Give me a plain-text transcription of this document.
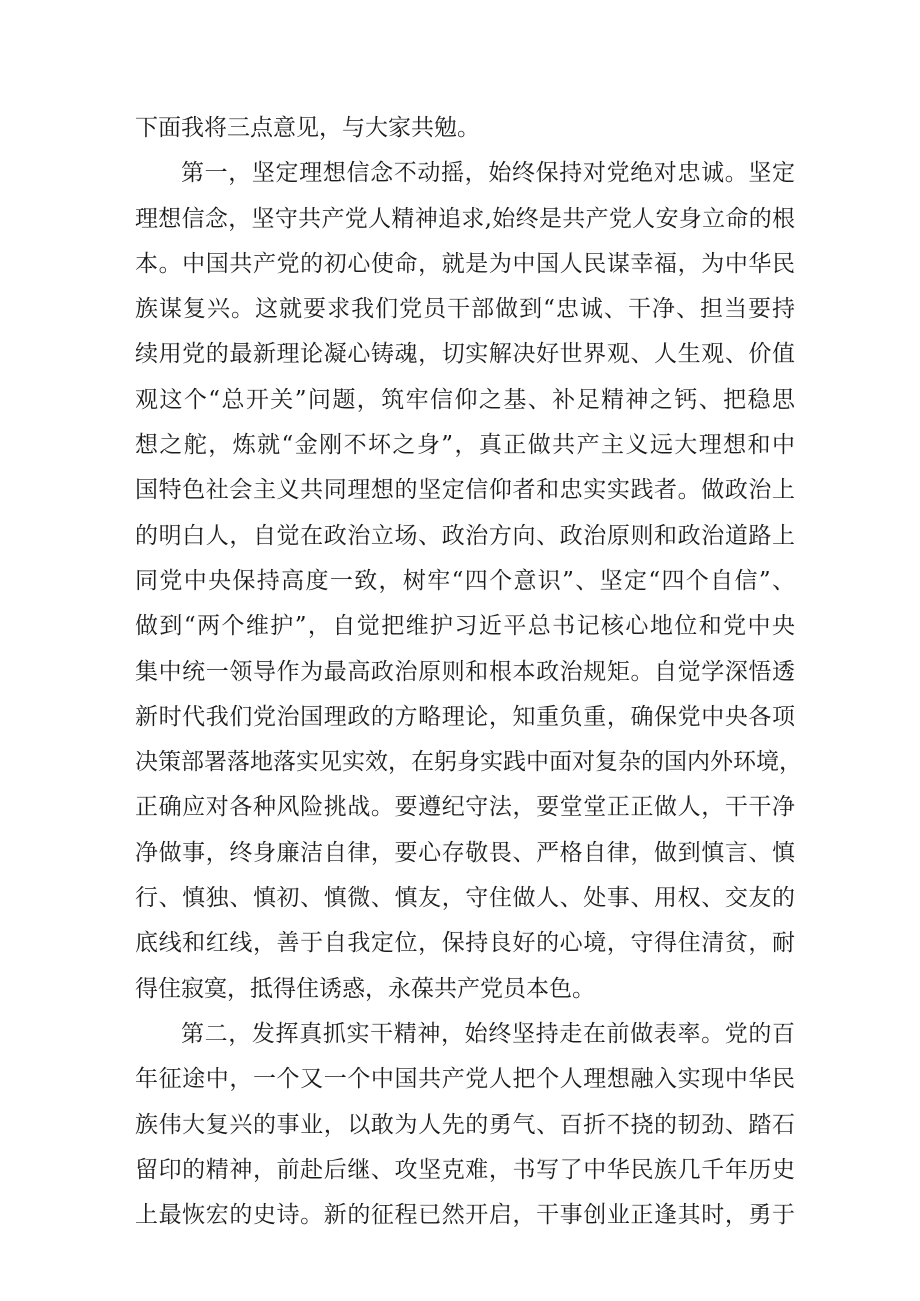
下面我将三点意见，与大家共勉。
第一，坚定理想信念不动摇，始终保持对党绝对忠诚。坚定
理想信念，坚守共产党人精神追求,始终是共产党人安身立命的根
本。中国共产党的初心使命，就是为中国人民谋幸福，为中华民
族谋复兴。这就要求我们党员干部做到“忠诚、干净、担当要持
续用党的最新理论凝心铸魂，切实解决好世界观、人生观、价值
观这个“总开关”问题，筑牢信仰之基、补足精神之钙、把稳思
想之舵，炼就“金刚不坏之身”，真正做共产主义远大理想和中
国特色社会主义共同理想的坚定信仰者和忠实实践者。做政治上
的明白人，自觉在政治立场、政治方向、政治原则和政治道路上
同党中央保持高度一致，树牢“四个意识”、坚定“四个自信”、
做到“两个维护”，自觉把维护习近平总书记核心地位和党中央
集中统一领导作为最高政治原则和根本政治规矩。自觉学深悟透
新时代我们党治国理政的方略理论，知重负重，确保党中央各项
决策部署落地落实见实效，在躬身实践中面对复杂的国内外环境，
正确应对各种风险挑战。要遵纪守法，要堂堂正正做人，干干净
净做事，终身廉洁自律，要心存敬畏、严格自律，做到慎言、慎
行、慎独、慎初、慎微、慎友，守住做人、处事、用权、交友的
底线和红线，善于自我定位，保持良好的心境，守得住清贫，耐
得住寂寞，抵得住诱惑，永葆共产党员本色。
第二，发挥真抓实干精神，始终坚持走在前做表率。党的百
年征途中，一个又一个中国共产党人把个人理想融入实现中华民
族伟大复兴的事业，以敢为人先的勇气、百折不挠的韧劲、踏石
留印的精神，前赴后继、攻坚克难，书写了中华民族几千年历史
上最恢宏的史诗。新的征程已然开启，干事创业正逢其时，勇于
